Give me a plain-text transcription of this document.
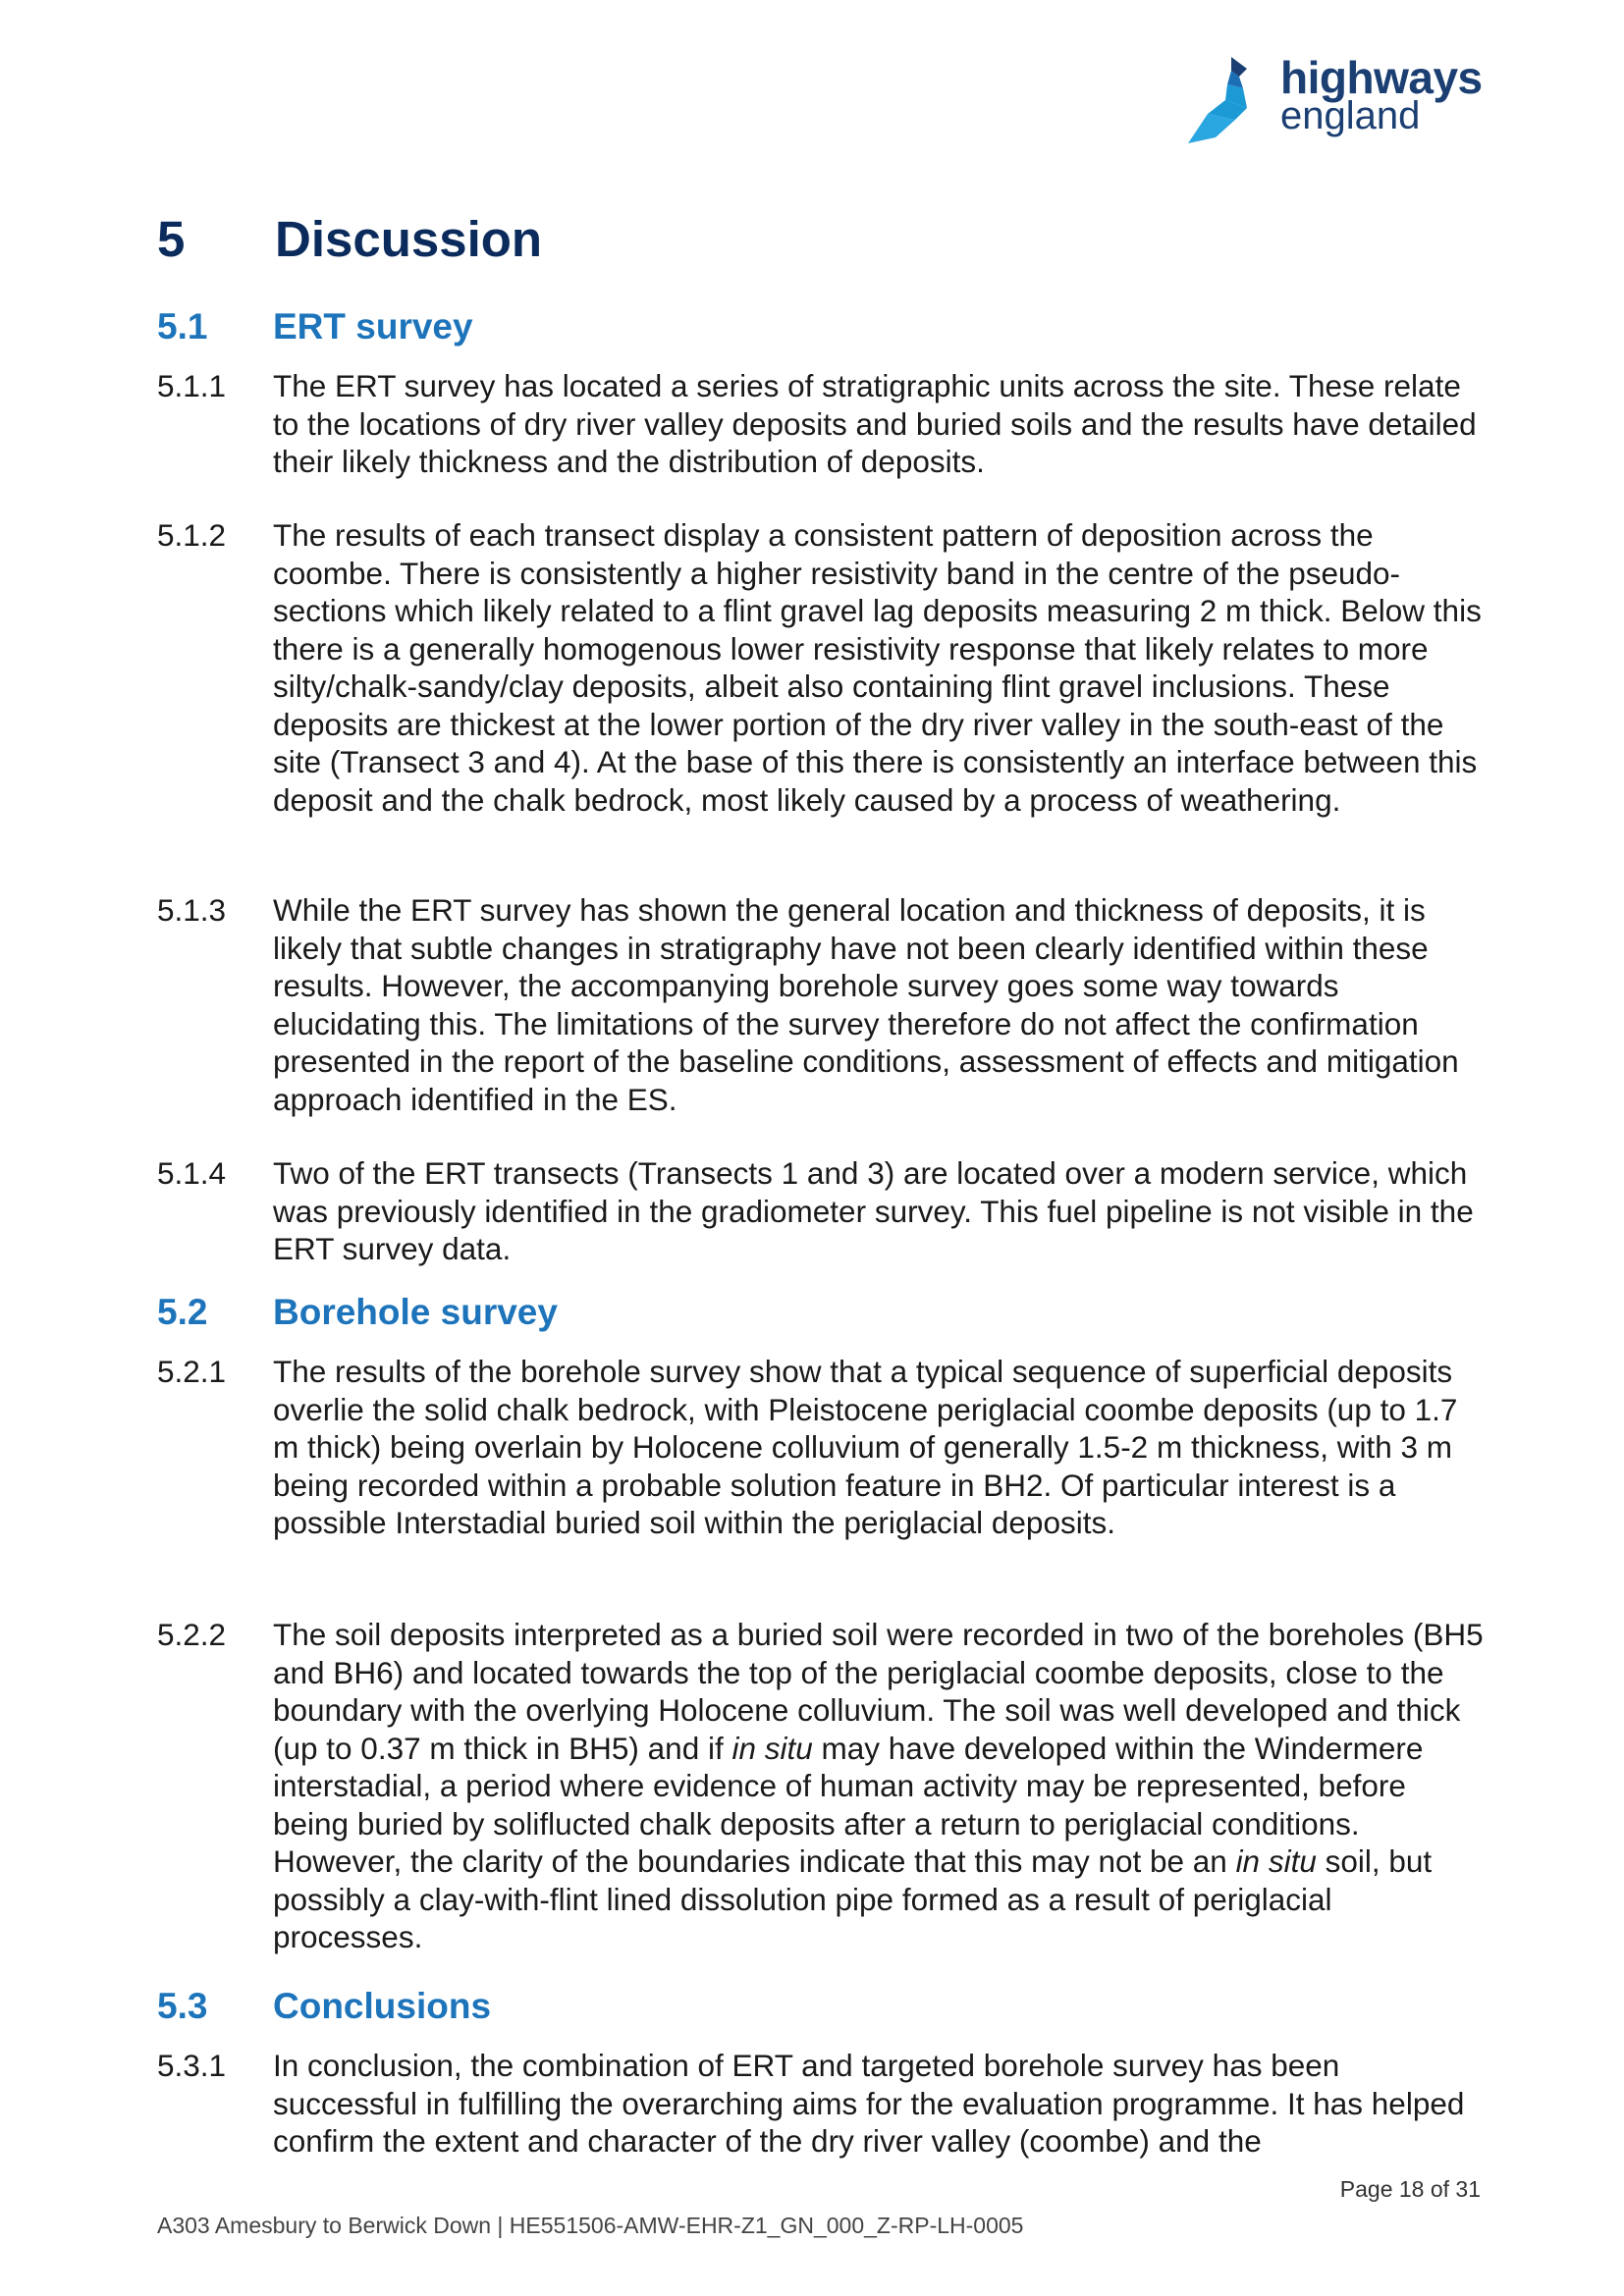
highways
england
5 Discussion
5.1 ERT survey
5.1.1 The ERT survey has located a series of stratigraphic units across the site. These relate to the locations of dry river valley deposits and buried soils and the results have detailed their likely thickness and the distribution of deposits.
5.1.2 The results of each transect display a consistent pattern of deposition across the coombe. There is consistently a higher resistivity band in the centre of the pseudo-sections which likely related to a flint gravel lag deposits measuring 2 m thick. Below this there is a generally homogenous lower resistivity response that likely relates to more silty/chalk-sandy/clay deposits, albeit also containing flint gravel inclusions. These deposits are thickest at the lower portion of the dry river valley in the south-east of the site (Transect 3 and 4). At the base of this there is consistently an interface between this deposit and the chalk bedrock, most likely caused by a process of weathering.
5.1.3 While the ERT survey has shown the general location and thickness of deposits, it is likely that subtle changes in stratigraphy have not been clearly identified within these results. However, the accompanying borehole survey goes some way towards elucidating this. The limitations of the survey therefore do not affect the confirmation presented in the report of the baseline conditions, assessment of effects and mitigation approach identified in the ES.
5.1.4 Two of the ERT transects (Transects 1 and 3) are located over a modern service, which was previously identified in the gradiometer survey. This fuel pipeline is not visible in the ERT survey data.
5.2 Borehole survey
5.2.1 The results of the borehole survey show that a typical sequence of superficial deposits overlie the solid chalk bedrock, with Pleistocene periglacial coombe deposits (up to 1.7 m thick) being overlain by Holocene colluvium of generally 1.5-2 m thickness, with 3 m being recorded within a probable solution feature in BH2. Of particular interest is a possible Interstadial buried soil within the periglacial deposits.
5.2.2 The soil deposits interpreted as a buried soil were recorded in two of the boreholes (BH5 and BH6) and located towards the top of the periglacial coombe deposits, close to the boundary with the overlying Holocene colluvium. The soil was well developed and thick (up to 0.37 m thick in BH5) and if in situ may have developed within the Windermere interstadial, a period where evidence of human activity may be represented, before being buried by soliflucted chalk deposits after a return to periglacial conditions. However, the clarity of the boundaries indicate that this may not be an in situ soil, but possibly a clay-with-flint lined dissolution pipe formed as a result of periglacial processes.
5.3 Conclusions
5.3.1 In conclusion, the combination of ERT and targeted borehole survey has been successful in fulfilling the overarching aims for the evaluation programme. It has helped confirm the extent and character of the dry river valley (coombe) and the
Page 18 of 31
A303 Amesbury to Berwick Down | HE551506-AMW-EHR-Z1_GN_000_Z-RP-LH-0005
